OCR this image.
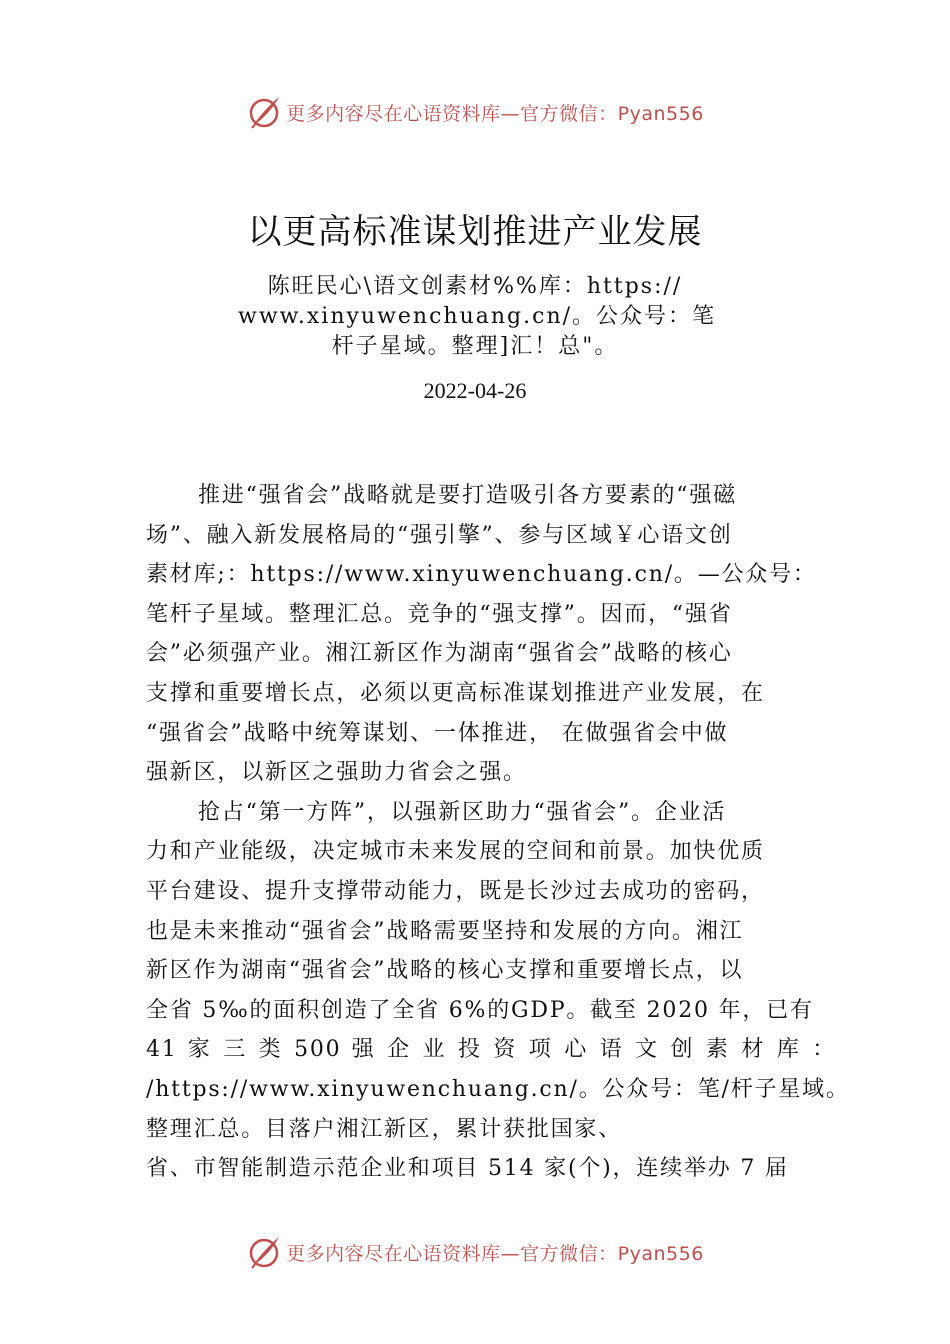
更多内容尽在心语资料库—官方微信：Pyan556
以更高标准谋划推进产业发展
陈旺民心\语文创素材%%库：https://
www.xinyuwenchuang.cn/。公众号：笔
杆子星域。整理]汇！总"。
2022-04-26
推进“强省会”战略就是要打造吸引各方要素的“强磁
场”、融入新发展格局的“强引擎”、参与区域￥心语文创
素材库;：https://www.xinyuwenchuang.cn/。—公众号：
笔杆子星域。整理汇总。竞争的“强支撑”。因而，“强省
会”必须强产业。湘江新区作为湖南“强省会”战略的核心
支撑和重要增长点，必须以更高标准谋划推进产业发展，在
“强省会”战略中统筹谋划、一体推进， 在做强省会中做
强新区，以新区之强助力省会之强。
抢占“第一方阵”，以强新区助力“强省会”。企业活
力和产业能级，决定城市未来发展的空间和前景。加快优质
平台建设、提升支撑带动能力，既是长沙过去成功的密码，
也是未来推动“强省会”战略需要坚持和发展的方向。湘江
新区作为湖南“强省会”战略的核心支撑和重要增长点，以
全省 5‰的面积创造了全省 6%的GDP。截至 2020 年，已有
41 家 三 类 500 强 企 业 投 资 项 心 语 文 创 素 材 库 ：
/https://www.xinyuwenchuang.cn/。公众号：笔/杆子星域。
整理汇总。目落户湘江新区，累计获批国家、
省、市智能制造示范企业和项目 514 家(个)，连续举办 7 届
更多内容尽在心语资料库—官方微信：Pyan556
